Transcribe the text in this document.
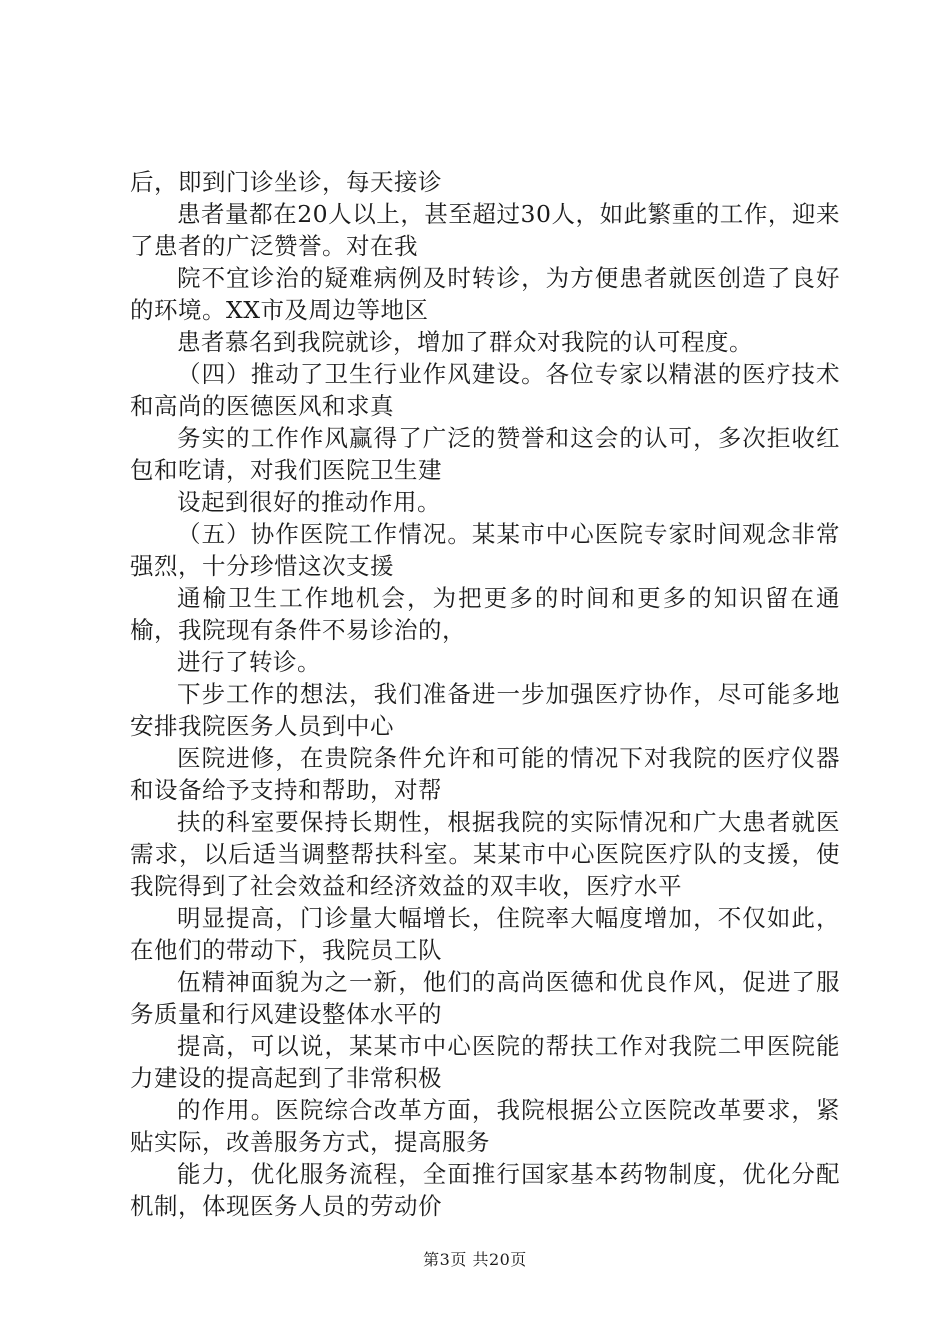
后，即到门诊坐诊，每天接诊

患者量都在20人以上，甚至超过30人，如此繁重的工作，迎来了患者的广泛赞誉。对在我

院不宜诊治的疑难病例及时转诊，为方便患者就医创造了良好的环境。XX市及周边等地区

患者慕名到我院就诊，增加了群众对我院的认可程度。

（四）推动了卫生行业作风建设。各位专家以精湛的医疗技术和高尚的医德医风和求真

务实的工作作风赢得了广泛的赞誉和这会的认可，多次拒收红包和吃请，对我们医院卫生建

设起到很好的推动作用。

（五）协作医院工作情况。某某市中心医院专家时间观念非常强烈，十分珍惜这次支援

通榆卫生工作地机会，为把更多的时间和更多的知识留在通榆，我院现有条件不易诊治的，

进行了转诊。

下步工作的想法，我们准备进一步加强医疗协作，尽可能多地安排我院医务人员到中心

医院进修，在贵院条件允许和可能的情况下对我院的医疗仪器和设备给予支持和帮助，对帮

扶的科室要保持长期性，根据我院的实际情况和广大患者就医需求，以后适当调整帮扶科室。某某市中心医院医疗队的支援，使我院得到了社会效益和经济效益的双丰收，医疗水平

明显提高，门诊量大幅增长，住院率大幅度增加，不仅如此，在他们的带动下，我院员工队

伍精神面貌为之一新，他们的高尚医德和优良作风，促进了服务质量和行风建设整体水平的

提高，可以说，某某市中心医院的帮扶工作对我院二甲医院能力建设的提高起到了非常积极

的作用。医院综合改革方面，我院根据公立医院改革要求，紧贴实际，改善服务方式，提高服务

能力，优化服务流程，全面推行国家基本药物制度，优化分配机制，体现医务人员的劳动价

第3页 共20页
